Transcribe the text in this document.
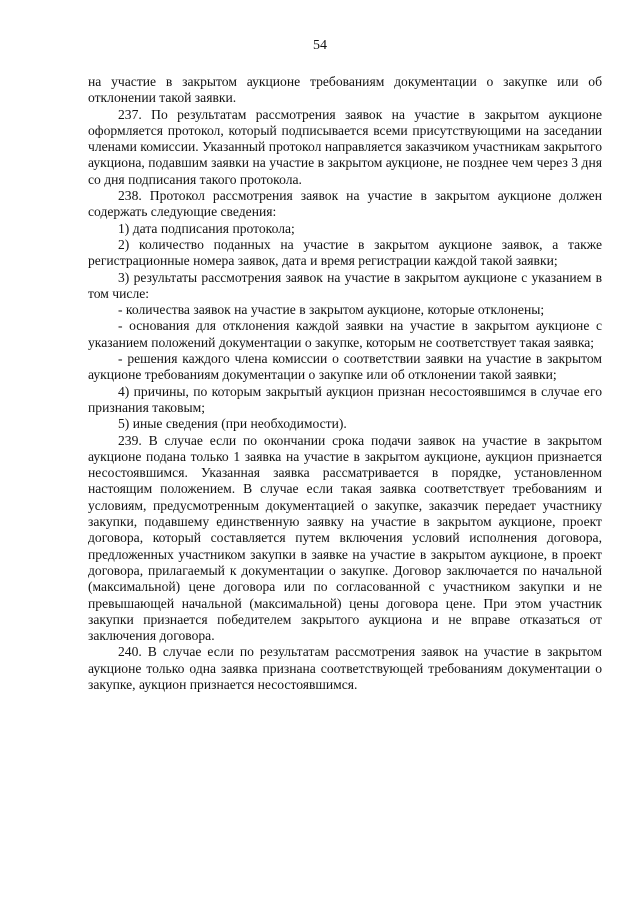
54

на участие в закрытом аукционе требованиям документации о закупке или об отклонении такой заявки.

237. По результатам рассмотрения заявок на участие в закрытом аукционе оформляется протокол, который подписывается всеми присутствующими на заседании членами комиссии. Указанный протокол направляется заказчиком участникам закрытого аукциона, подавшим заявки на участие в закрытом аукционе, не позднее чем через 3 дня со дня подписания такого протокола.

238. Протокол рассмотрения заявок на участие в закрытом аукционе должен содержать следующие сведения:

1) дата подписания протокола;

2) количество поданных на участие в закрытом аукционе заявок, а также регистрационные номера заявок, дата и время регистрации каждой такой заявки;

3) результаты рассмотрения заявок на участие в закрытом аукционе с указанием в том числе:

- количества заявок на участие в закрытом аукционе, которые отклонены;

- основания для отклонения каждой заявки на участие в закрытом аукционе с указанием положений документации о закупке, которым не соответствует такая заявка;

- решения каждого члена комиссии о соответствии заявки на участие в закрытом аукционе требованиям документации о закупке или об отклонении такой заявки;

4) причины, по которым закрытый аукцион признан несостоявшимся в случае его признания таковым;

5) иные сведения (при необходимости).

239. В случае если по окончании срока подачи заявок на участие в закрытом аукционе подана только 1 заявка на участие в закрытом аукционе, аукцион признается несостоявшимся. Указанная заявка рассматривается в порядке, установленном настоящим положением. В случае если такая заявка соответствует требованиям и условиям, предусмотренным документацией о закупке, заказчик передает участнику закупки, подавшему единственную заявку на участие в закрытом аукционе, проект договора, который составляется путем включения условий исполнения договора, предложенных участником закупки в заявке на участие в закрытом аукционе, в проект договора, прилагаемый к документации о закупке. Договор заключается по начальной (максимальной) цене договора или по согласованной с участником закупки и не превышающей начальной (максимальной) цены договора цене. При этом участник закупки признается победителем закрытого аукциона и не вправе отказаться от заключения договора.

240. В случае если по результатам рассмотрения заявок на участие в закрытом аукционе только одна заявка признана соответствующей требованиям документации о закупке, аукцион признается несостоявшимся.
